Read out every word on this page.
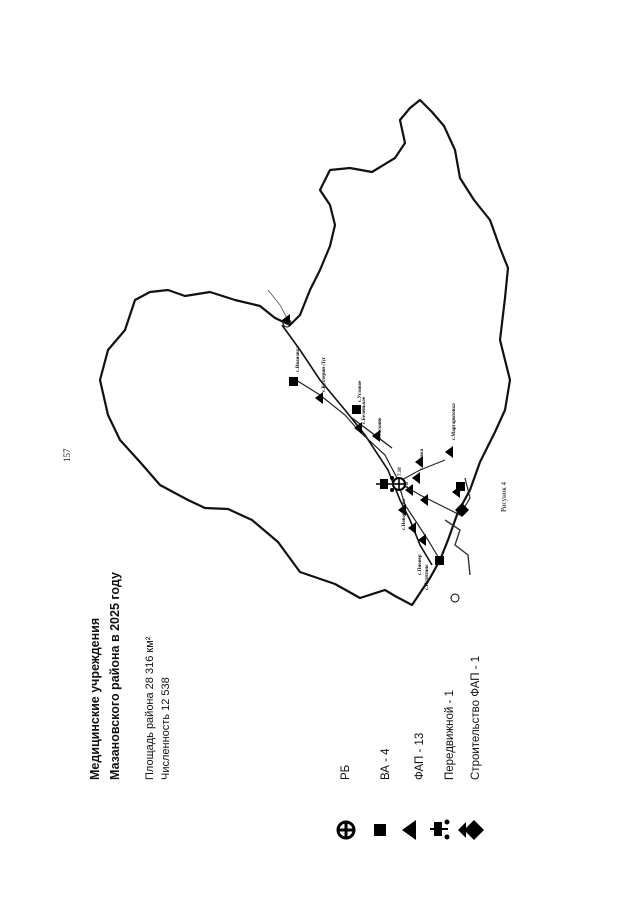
157
РБ
7.10
с.Ивановка	с.Кухтерин-Луг	с.Угловое
с.Беленькое
с.Таскино
с.Розовка
с.Маргаритовка
с.Новокиевка
с.Пионер с.Путятино
Рисунок 4
Медицинские учреждения Мазановского района в 2025 году Площадь района 28 316 км² Численность 12 538	РБ ВА - 4 ФАП - 13 Передвижной - 1 Строительство ФАП - 1
